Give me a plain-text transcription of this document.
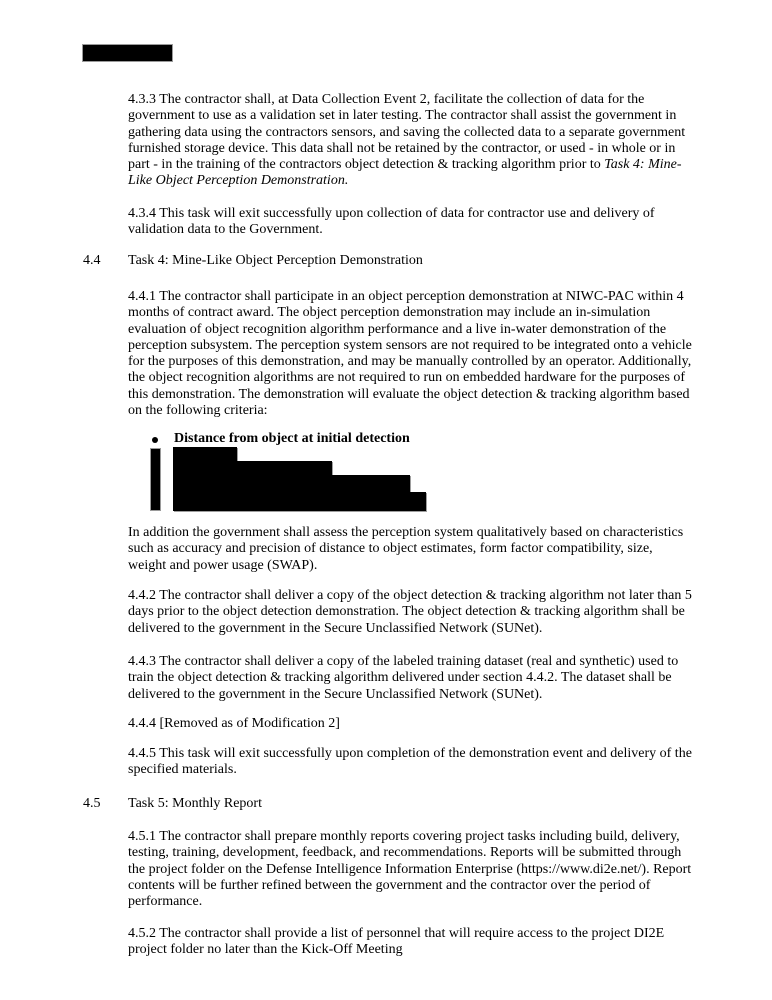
4.3.3 The contractor shall, at Data Collection Event 2, facilitate the collection of data for the government to use as a validation set in later testing. The contractor shall assist the government in gathering data using the contractors sensors, and saving the collected data to a separate government furnished storage device. This data shall not be retained by the contractor, or used - in whole or in part - in the training of the contractors object detection & tracking algorithm prior to Task 4: Mine-Like Object Perception Demonstration.

4.3.4 This task will exit successfully upon collection of data for contractor use and delivery of validation data to the Government.

4.4 Task 4: Mine-Like Object Perception Demonstration

4.4.1 The contractor shall participate in an object perception demonstration at NIWC-PAC within 4 months of contract award. The object perception demonstration may include an in-simulation evaluation of object recognition algorithm performance and a live in-water demonstration of the perception subsystem. The perception system sensors are not required to be integrated onto a vehicle for the purposes of this demonstration, and may be manually controlled by an operator. Additionally, the object recognition algorithms are not required to run on embedded hardware for the purposes of this demonstration. The demonstration will evaluate the object detection & tracking algorithm based on the following criteria:

Distance from object at initial detection

In addition the government shall assess the perception system qualitatively based on characteristics such as accuracy and precision of distance to object estimates, form factor compatibility, size, weight and power usage (SWAP).

4.4.2 The contractor shall deliver a copy of the object detection & tracking algorithm not later than 5 days prior to the object detection demonstration. The object detection & tracking algorithm shall be delivered to the government in the Secure Unclassified Network (SUNet).

4.4.3 The contractor shall deliver a copy of the labeled training dataset (real and synthetic) used to train the object detection & tracking algorithm delivered under section 4.4.2. The dataset shall be delivered to the government in the Secure Unclassified Network (SUNet).

4.4.4 [Removed as of Modification 2]

4.4.5 This task will exit successfully upon completion of the demonstration event and delivery of the specified materials.

4.5 Task 5: Monthly Report

4.5.1 The contractor shall prepare monthly reports covering project tasks including build, delivery, testing, training, development, feedback, and recommendations. Reports will be submitted through the project folder on the Defense Intelligence Information Enterprise (https://www.di2e.net/). Report contents will be further refined between the government and the contractor over the period of performance.

4.5.2 The contractor shall provide a list of personnel that will require access to the project DI2E project folder no later than the Kick-Off Meeting
